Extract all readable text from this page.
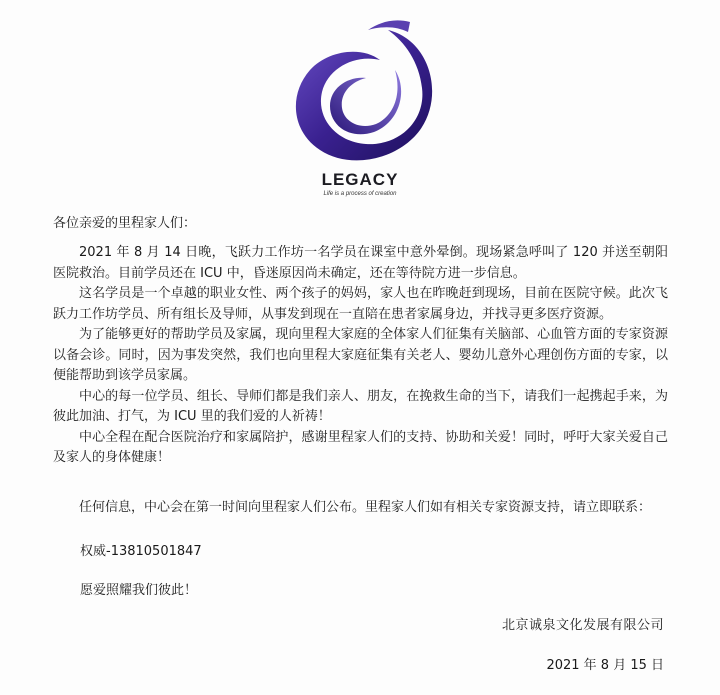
LEGACY
Life is a process of creation
各位亲爱的里程家人们：

2021 年 8 月 14 日晚，飞跃力工作坊一名学员在课室中意外晕倒。现场紧急呼叫了 120 并送至朝阳医院救治。目前学员还在 ICU 中，昏迷原因尚未确定，还在等待院方进一步信息。

这名学员是一个卓越的职业女性、两个孩子的妈妈，家人也在昨晚赶到现场，目前在医院守候。此次飞跃力工作坊学员、所有组长及导师，从事发到现在一直陪在患者家属身边，并找寻更多医疗资源。

为了能够更好的帮助学员及家属，现向里程大家庭的全体家人们征集有关脑部、心血管方面的专家资源以备会诊。同时，因为事发突然，我们也向里程大家庭征集有关老人、婴幼儿意外心理创伤方面的专家，以便能帮助到该学员家属。

中心的每一位学员、组长、导师们都是我们亲人、朋友，在挽救生命的当下，请我们一起携起手来，为彼此加油、打气，为 ICU 里的我们爱的人祈祷！

中心全程在配合医院治疗和家属陪护，感谢里程家人们的支持、协助和关爱！同时，呼吁大家关爱自己及家人的身体健康！

任何信息，中心会在第一时间向里程家人们公布。里程家人们如有相关专家资源支持，请立即联系：

权威-13810501847
愿爱照耀我们彼此！
北京诚泉文化发展有限公司
2021 年 8 月 15 日
